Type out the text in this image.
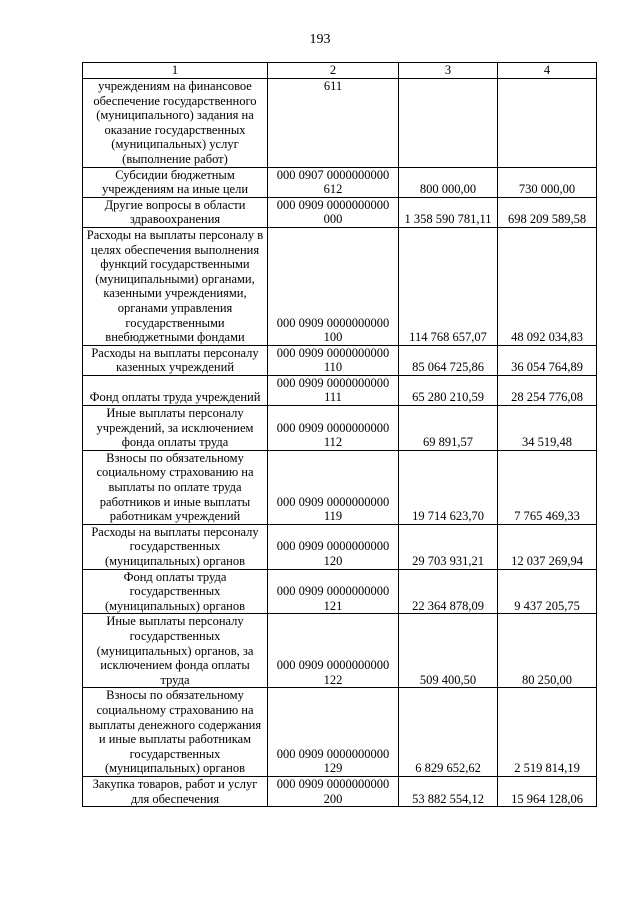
193
1	2	3	4
учреждениям на финансовое обеспечение государственного (муниципального) задания на оказание государственных (муниципальных) услуг (выполнение работ)	611		
Субсидии бюджетным учреждениям на иные цели	000 0907 0000000000 612	800 000,00	730 000,00
Другие вопросы в области здравоохранения	000 0909 0000000000 000	1 358 590 781,11	698 209 589,58
Расходы на выплаты персоналу в целях обеспечения выполнения функций государственными (муниципальными) органами, казенными учреждениями, органами управления государственными внебюджетными фондами	000 0909 0000000000 100	114 768 657,07	48 092 034,83
Расходы на выплаты персоналу казенных учреждений	000 0909 0000000000 110	85 064 725,86	36 054 764,89
Фонд оплаты труда учреждений	000 0909 0000000000 111	65 280 210,59	28 254 776,08
Иные выплаты персоналу учреждений, за исключением фонда оплаты труда	000 0909 0000000000 112	69 891,57	34 519,48
Взносы по обязательному социальному страхованию на выплаты по оплате труда работников и иные выплаты работникам учреждений	000 0909 0000000000 119	19 714 623,70	7 765 469,33
Расходы на выплаты персоналу государственных (муниципальных) органов	000 0909 0000000000 120	29 703 931,21	12 037 269,94
Фонд оплаты труда государственных (муниципальных) органов	000 0909 0000000000 121	22 364 878,09	9 437 205,75
Иные выплаты персоналу государственных (муниципальных) органов, за исключением фонда оплаты труда	000 0909 0000000000 122	509 400,50	80 250,00
Взносы по обязательному социальному страхованию на выплаты денежного содержания и иные выплаты работникам государственных (муниципальных) органов	000 0909 0000000000 129	6 829 652,62	2 519 814,19
Закупка товаров, работ и услуг для обеспечения	000 0909 0000000000 200	53 882 554,12	15 964 128,06
